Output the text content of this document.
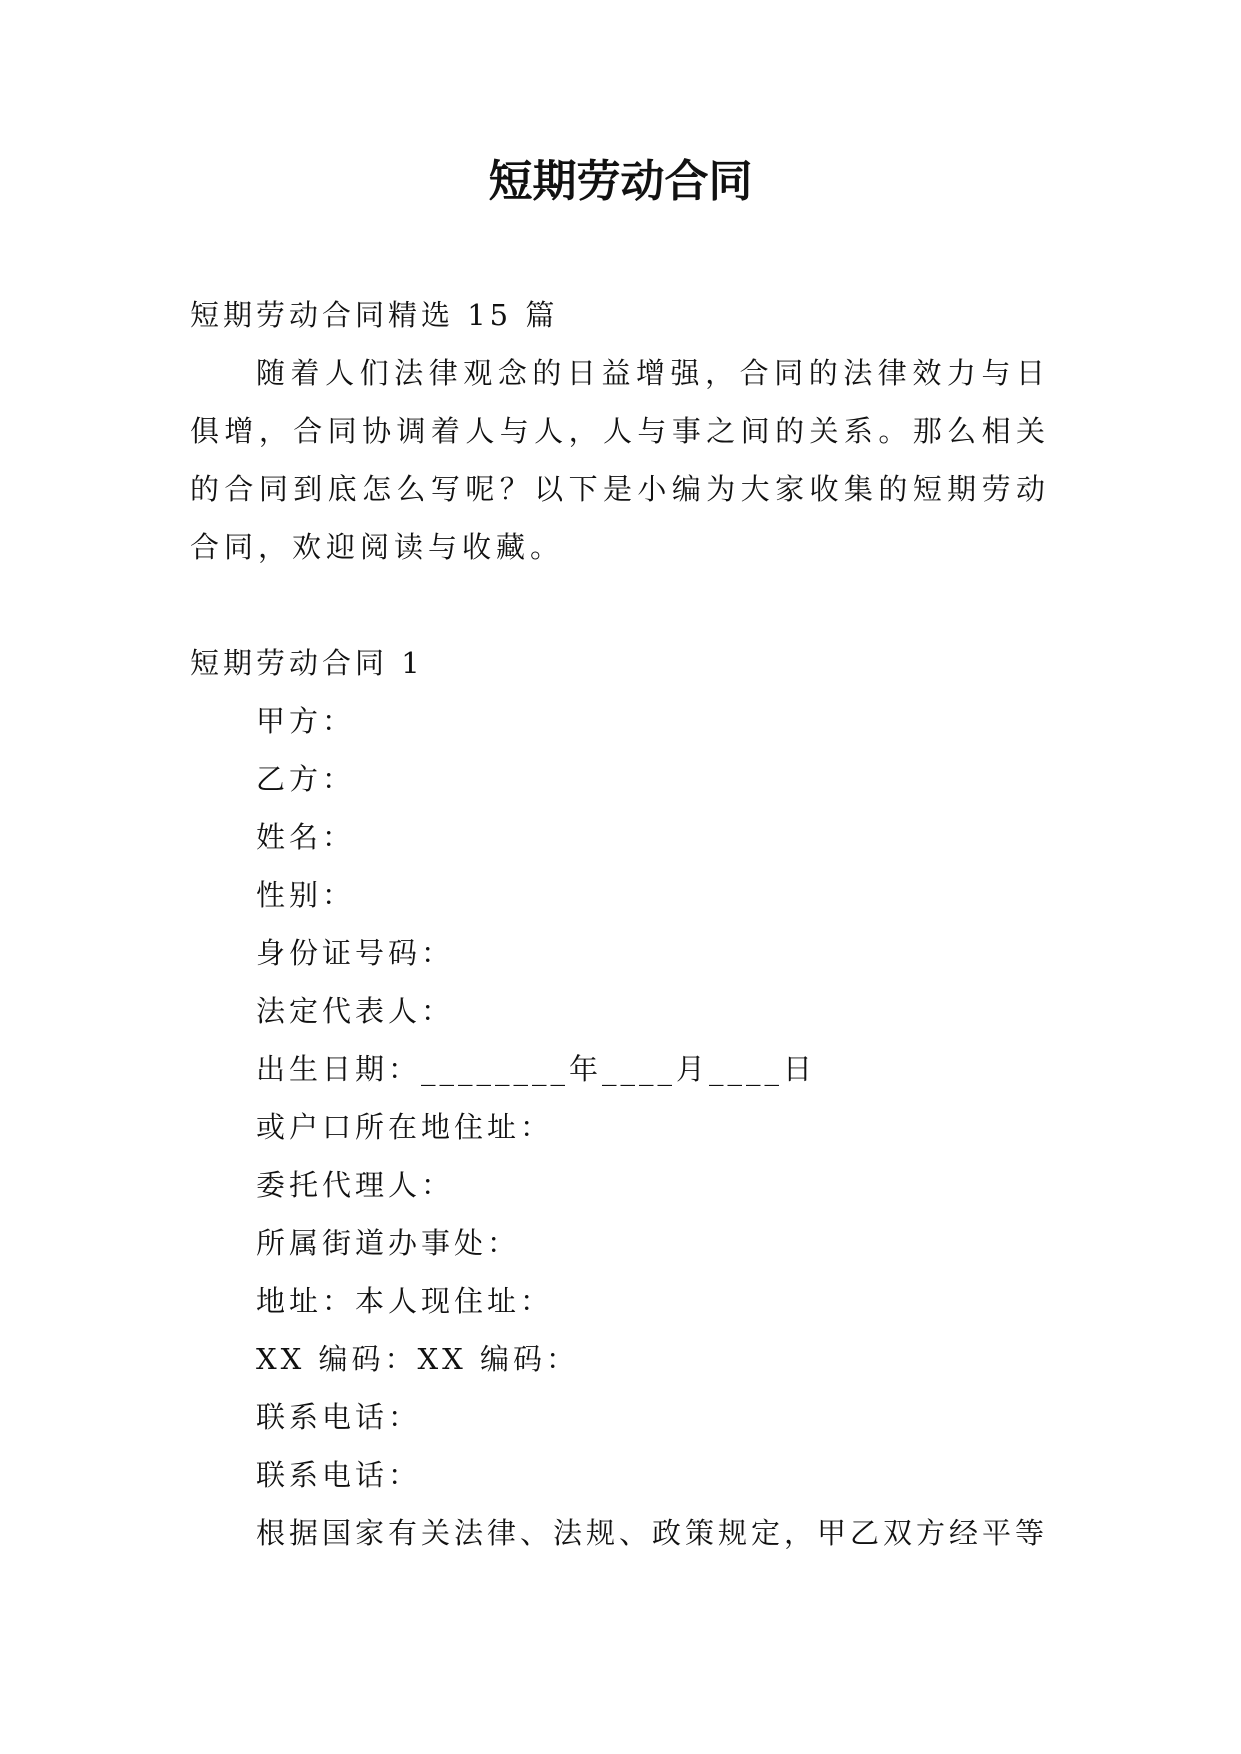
短期劳动合同
短期劳动合同精选 15 篇
随着人们法律观念的日益增强，合同的法律效力与日俱增，合同协调着人与人，人与事之间的关系。那么相关的合同到底怎么写呢？以下是小编为大家收集的短期劳动合同，欢迎阅读与收藏。
短期劳动合同 1
甲方：
乙方：
姓名：
性别：
身份证号码：
法定代表人：
出生日期：________年____月____日
或户口所在地住址：
委托代理人：
所属街道办事处：
地址：本人现住址：
XX 编码：XX 编码：
联系电话：
联系电话：
根据国家有关法律、法规、政策规定，甲乙双方经平等
